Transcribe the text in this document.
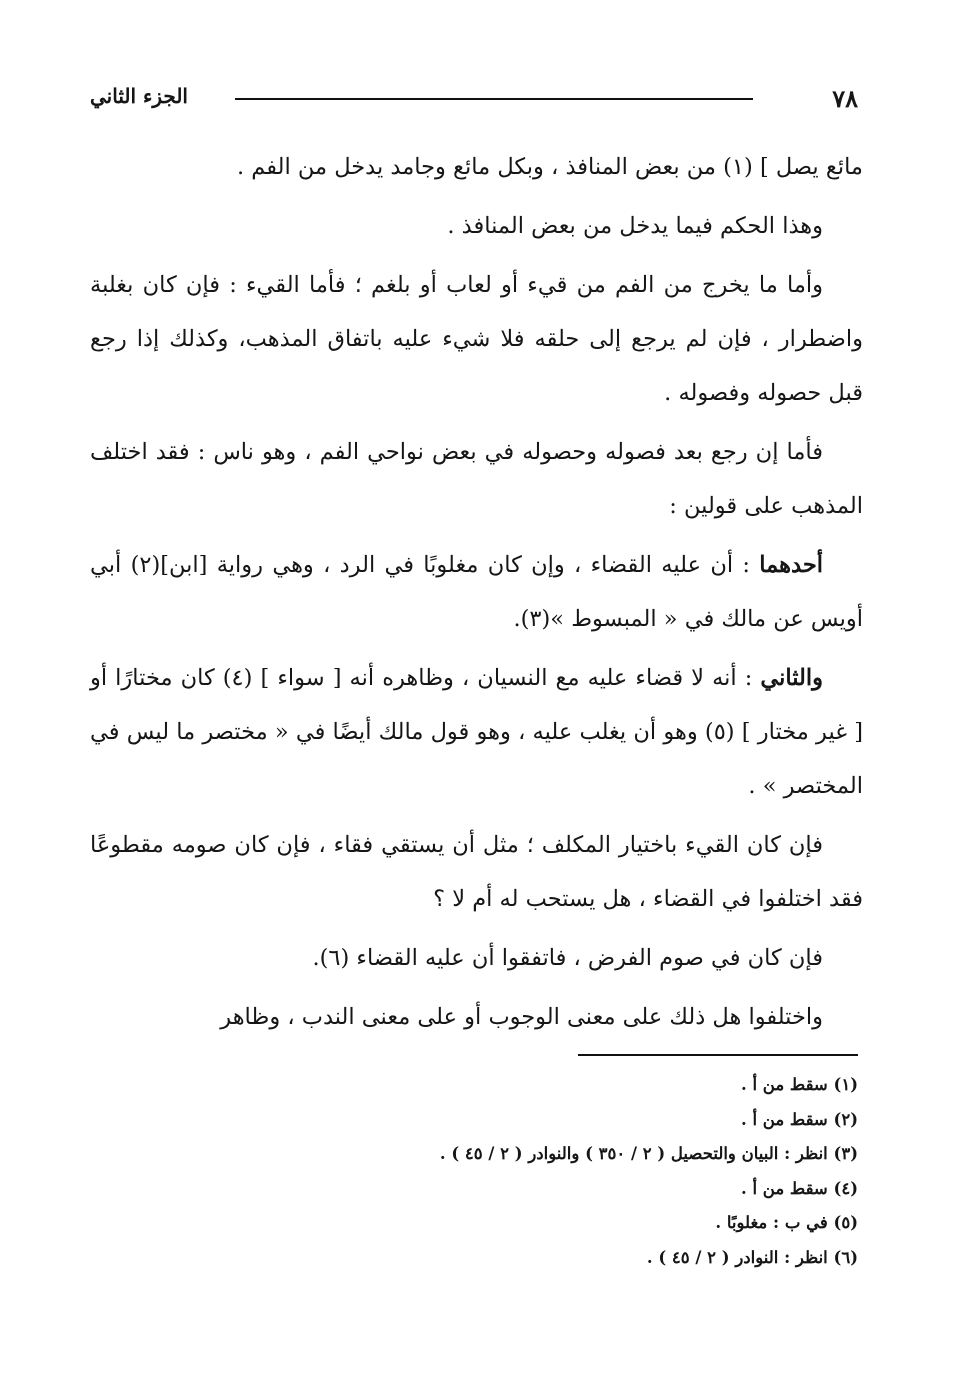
٧٨
الجزء الثاني

مائع يصل ] (١) من بعض المنافذ ، وبكل مائع وجامد يدخل من الفم .

وهذا الحكم فيما يدخل من بعض المنافذ .

وأما ما يخرج من الفم من قيء أو لعاب أو بلغم ؛ فأما القيء : فإن كان بغلبة واضطرار ، فإن لم يرجع إلى حلقه فلا شيء عليه باتفاق المذهب، وكذلك إذا رجع قبل حصوله وفصوله .

فأما إن رجع بعد فصوله وحصوله في بعض نواحي الفم ، وهو ناس : فقد اختلف المذهب على قولين :

أحدهما : أن عليه القضاء ، وإن كان مغلوبًا في الرد ، وهي رواية [ابن](٢) أبي أويس عن مالك في « المبسوط »(٣).

والثاني : أنه لا قضاء عليه مع النسيان ، وظاهره أنه [ سواء ] (٤) كان مختارًا أو [ غير مختار ] (٥) وهو أن يغلب عليه ، وهو قول مالك أيضًا في « مختصر ما ليس في المختصر » .

فإن كان القيء باختيار المكلف ؛ مثل أن يستقي فقاء ، فإن كان صومه مقطوعًا فقد اختلفوا في القضاء ، هل يستحب له أم لا ؟

فإن كان في صوم الفرض ، فاتفقوا أن عليه القضاء (٦).

واختلفوا هل ذلك على معنى الوجوب أو على معنى الندب ، وظاهر

(١) سقط من أ .
(٢) سقط من أ .
(٣) انظر : البيان والتحصيل ( ٢ / ٣٥٠ ) والنوادر ( ٢ / ٤٥ ) .
(٤) سقط من أ .
(٥) في ب : مغلوبًا .
(٦) انظر : النوادر ( ٢ / ٤٥ ) .
